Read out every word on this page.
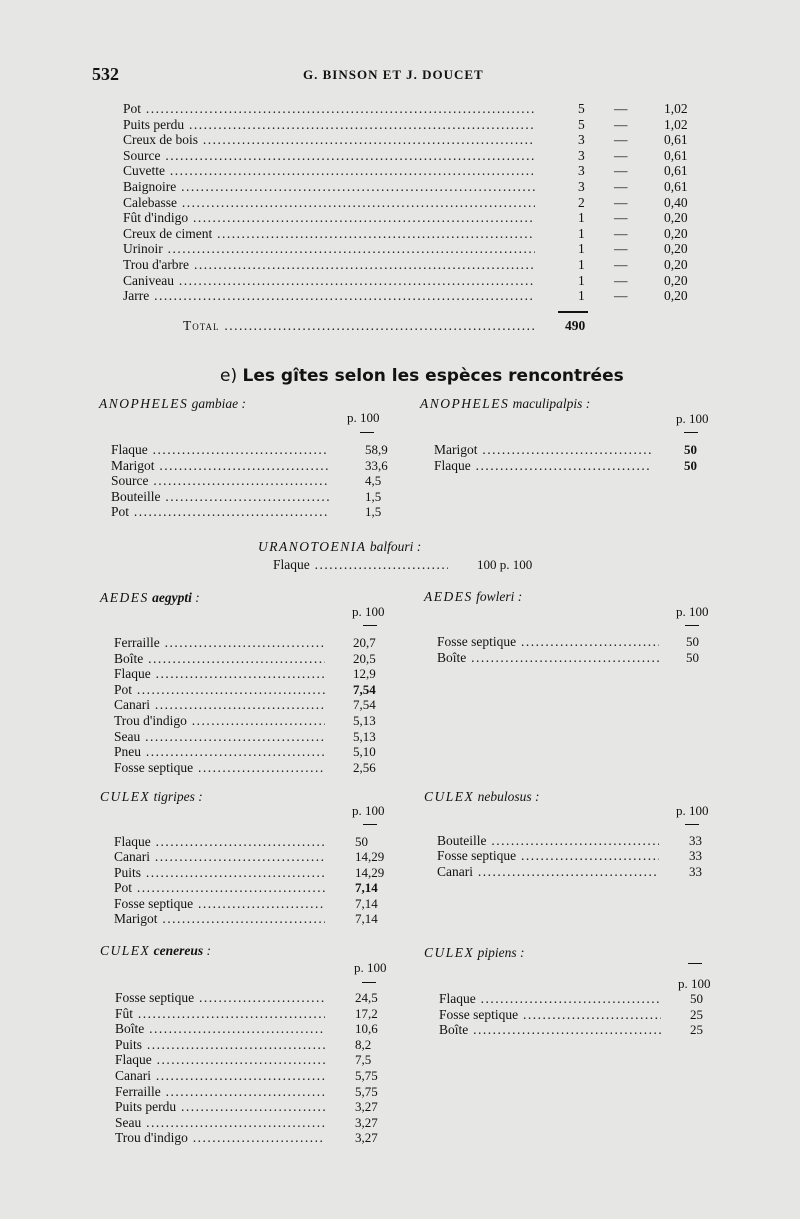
532	G. BINSON ET J. DOUCET
Pot .....	5 —	1,02
Puits perdu .....	5 —	1,02
Creux de bois .....	3 —	0,61
Source .....	3 —	0,61
Cuvette .....	3 —	0,61
Baignoire .....	3 —	0,61
Calebasse .....	2 —	0,40
Fût d'indigo .....	1 —	0,20
Creux de ciment .....	1 —	0,20
Urinoir .....	1 —	0,20
Trou d'arbre .....	1 —	0,20
Caniveau .....	1 —	0,20
Jarre .....	1 —	0,20
Total .....	490
e) Les gîtes selon les espèces rencontrées
ANOPHELES gambiae :
p. 100
Flaque .....	58,9
Marigot .....	33,6
Source .....	4,5
Bouteille .....	1,5
Pot .....	1,5
ANOPHELES maculipalpis :
p. 100
Marigot .....	50
Flaque .....	50
URANOTOENIA balfouri :
Flaque .....	100 p. 100
AEDES aegypti :
p. 100
Ferraille .....	20,7
Boîte .....	20,5
Flaque .....	12,9
Pot .....	7,54
Canari .....	7,54
Trou d'indigo .....	5,13
Seau .....	5,13
Pneu .....	5,10
Fosse septique .....	2,56
AEDES fowleri :
p. 100
Fosse septique .....	50
Boîte .....	50
CULEX tigripes :
p. 100
Flaque .....	50
Canari .....	14,29
Puits .....	14,29
Pot .....	7,14
Fosse septique .....	7,14
Marigot .....	7,14
CULEX nebulosus :
p. 100
Bouteille .....	33
Fosse septique .....	33
Canari .....	33
CULEX cenereus :
p. 100
Fosse septique .....	24,5
Fût .....	17,2
Boîte .....	10,6
Puits .....	8,2
Flaque .....	7,5
Canari .....	5,75
Ferraille .....	5,75
Puits perdu .....	3,27
Seau .....	3,27
Trou d'indigo .....	3,27
CULEX pipiens :
p. 100
Flaque .....	50
Fosse septique .....	25
Boîte .....	25
